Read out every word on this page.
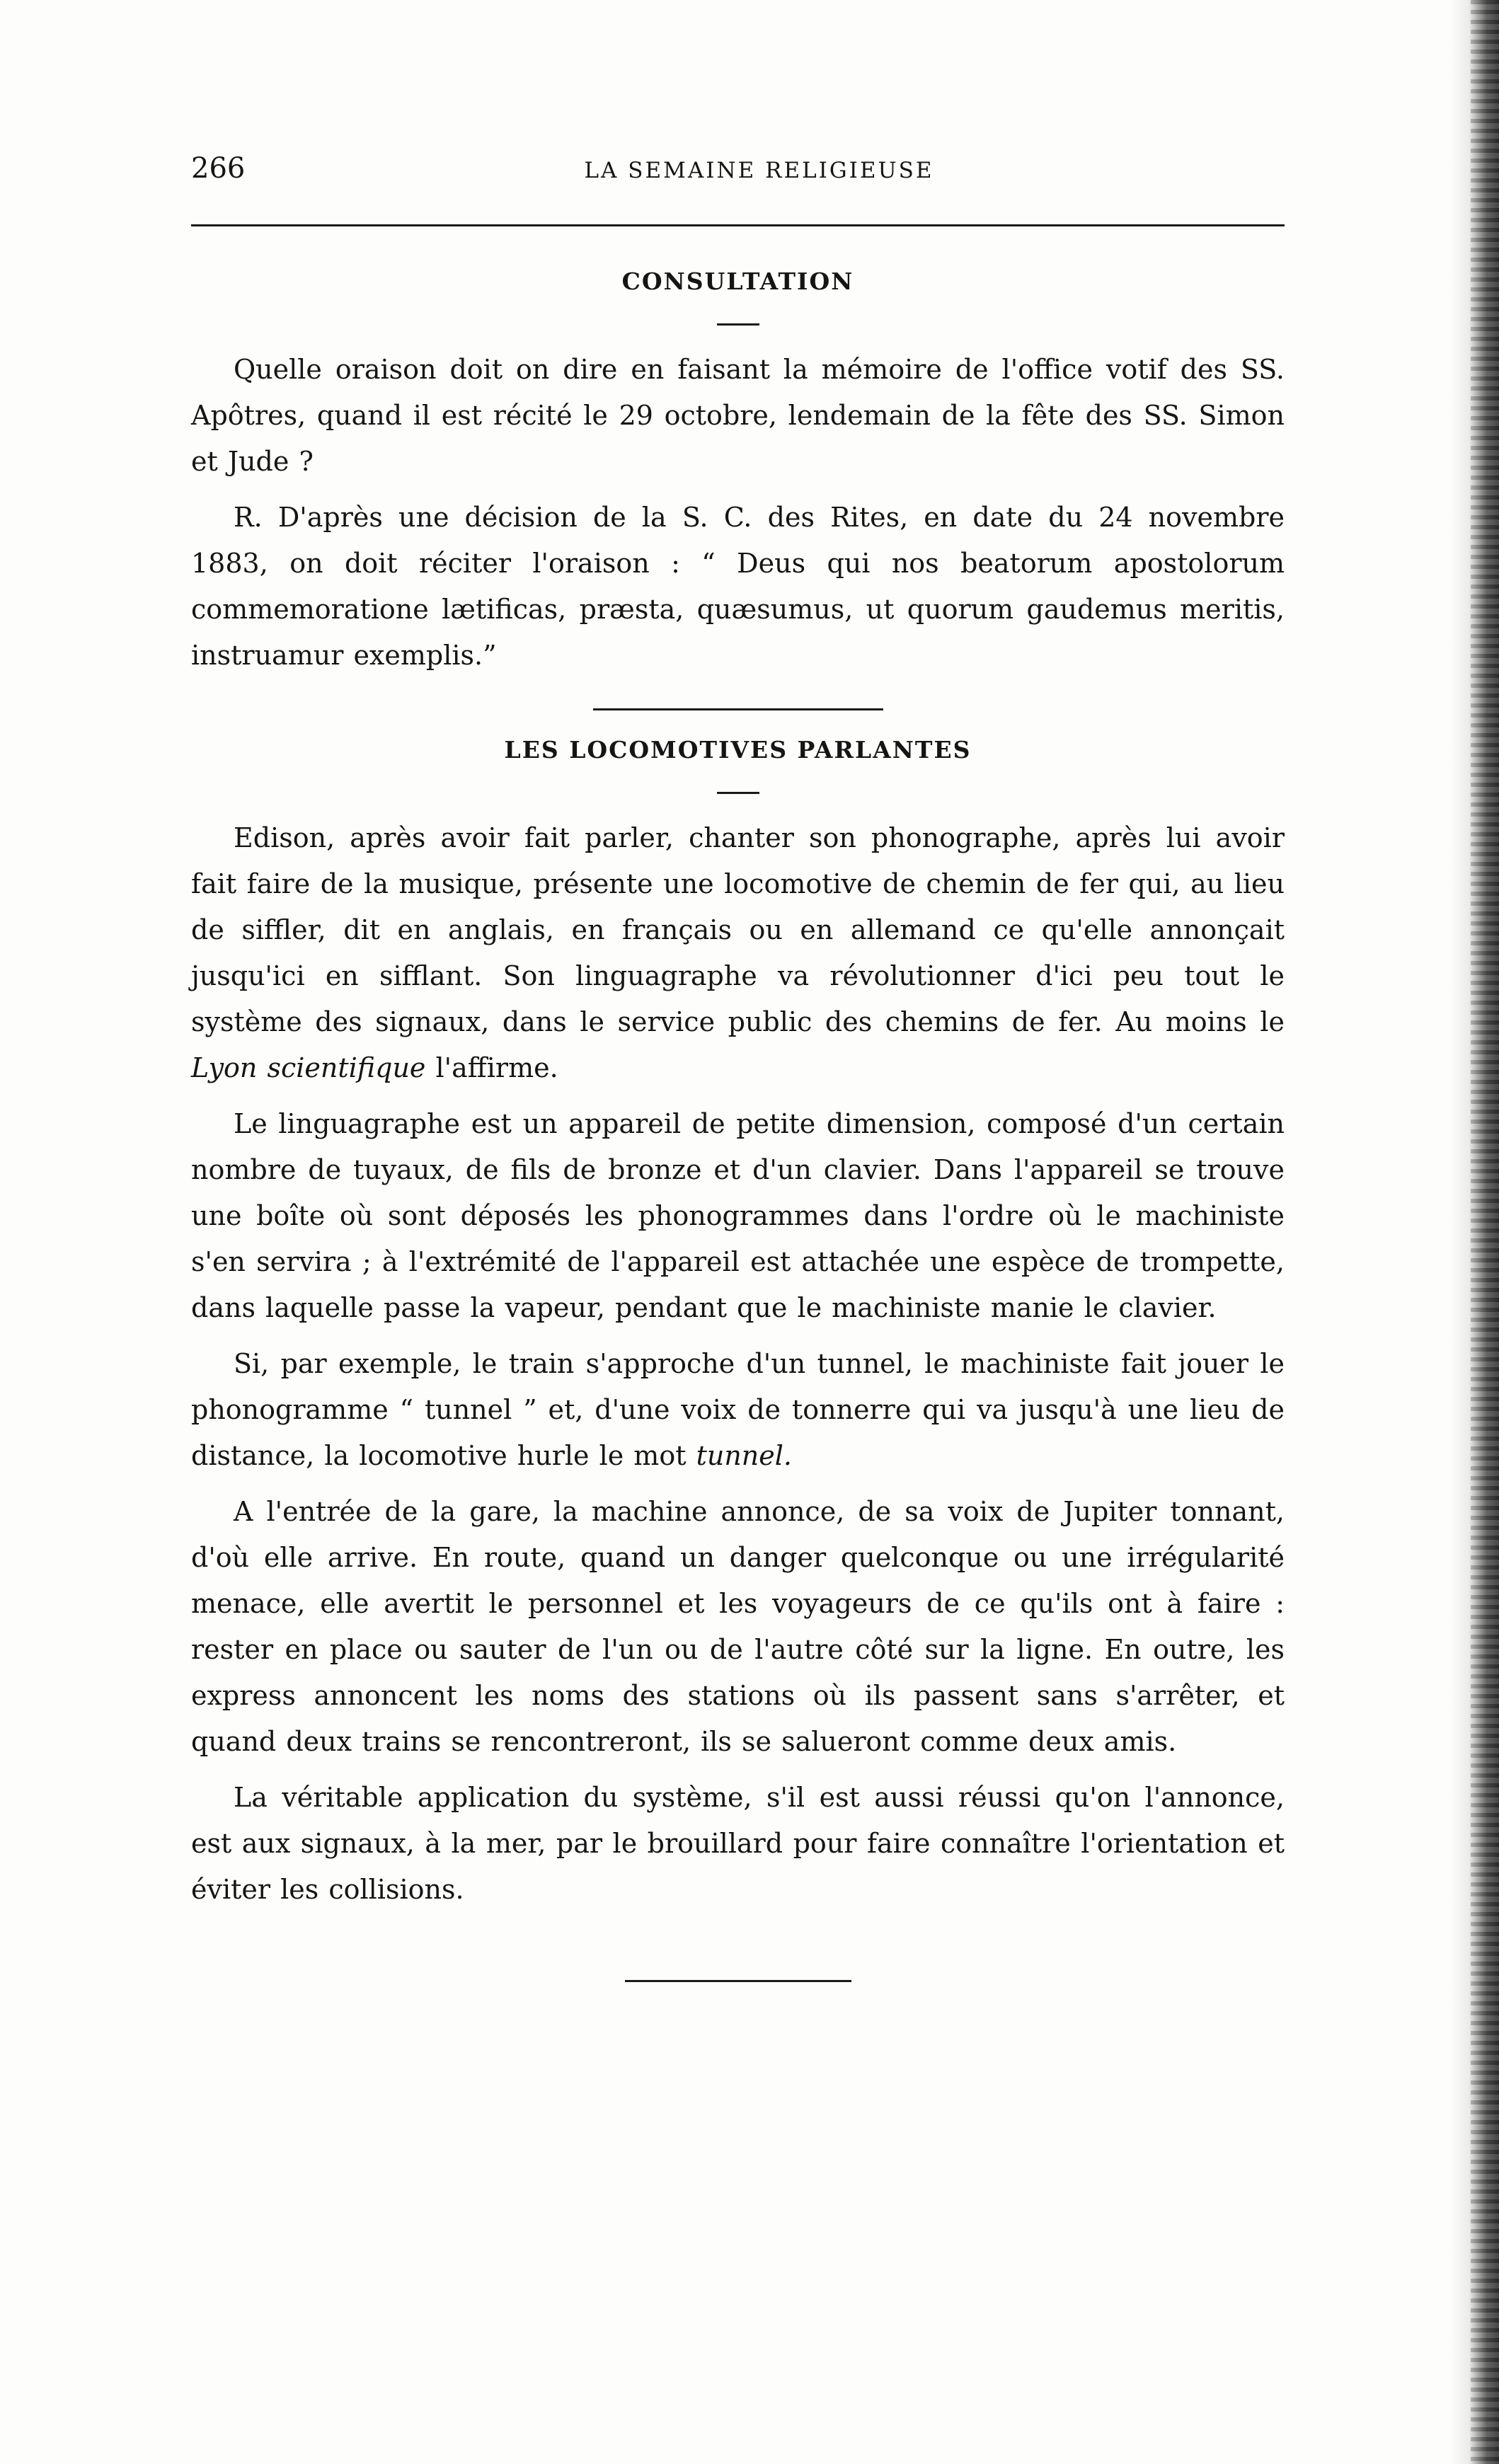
266	LA SEMAINE RELIGIEUSE
CONSULTATION

Quelle oraison doit on dire en faisant la mémoire de l'office votif des SS. Apôtres, quand il est récité le 29 octobre, lendemain de la fête des SS. Simon et Jude ?

R. D'après une décision de la S. C. des Rites, en date du 24 novembre 1883, on doit réciter l'oraison : “ Deus qui nos beatorum apostolorum commemoratione lætificas, præsta, quæsumus, ut quorum gaudemus meritis, instruamur exemplis.”

LES LOCOMOTIVES PARLANTES

Edison, après avoir fait parler, chanter son phonographe, après lui avoir fait faire de la musique, présente une locomotive de chemin de fer qui, au lieu de siffler, dit en anglais, en français ou en allemand ce qu'elle annonçait jusqu'ici en sifflant. Son linguagraphe va révolutionner d'ici peu tout le système des signaux, dans le service public des chemins de fer. Au moins le Lyon scientifique l'affirme.

Le linguagraphe est un appareil de petite dimension, composé d'un certain nombre de tuyaux, de fils de bronze et d'un clavier. Dans l'appareil se trouve une boîte où sont déposés les phonogrammes dans l'ordre où le machiniste s'en servira ; à l'extrémité de l'appareil est attachée une espèce de trompette, dans laquelle passe la vapeur, pendant que le machiniste manie le clavier.

Si, par exemple, le train s'approche d'un tunnel, le machiniste fait jouer le phonogramme “ tunnel ” et, d'une voix de tonnerre qui va jusqu'à une lieu de distance, la locomotive hurle le mot tunnel.

A l'entrée de la gare, la machine annonce, de sa voix de Jupiter tonnant, d'où elle arrive. En route, quand un danger quelconque ou une irrégularité menace, elle avertit le personnel et les voyageurs de ce qu'ils ont à faire : rester en place ou sauter de l'un ou de l'autre côté sur la ligne. En outre, les express annoncent les noms des stations où ils passent sans s'arrêter, et quand deux trains se rencontreront, ils se salueront comme deux amis.

La véritable application du système, s'il est aussi réussi qu'on l'annonce, est aux signaux, à la mer, par le brouillard pour faire connaître l'orientation et éviter les collisions.
